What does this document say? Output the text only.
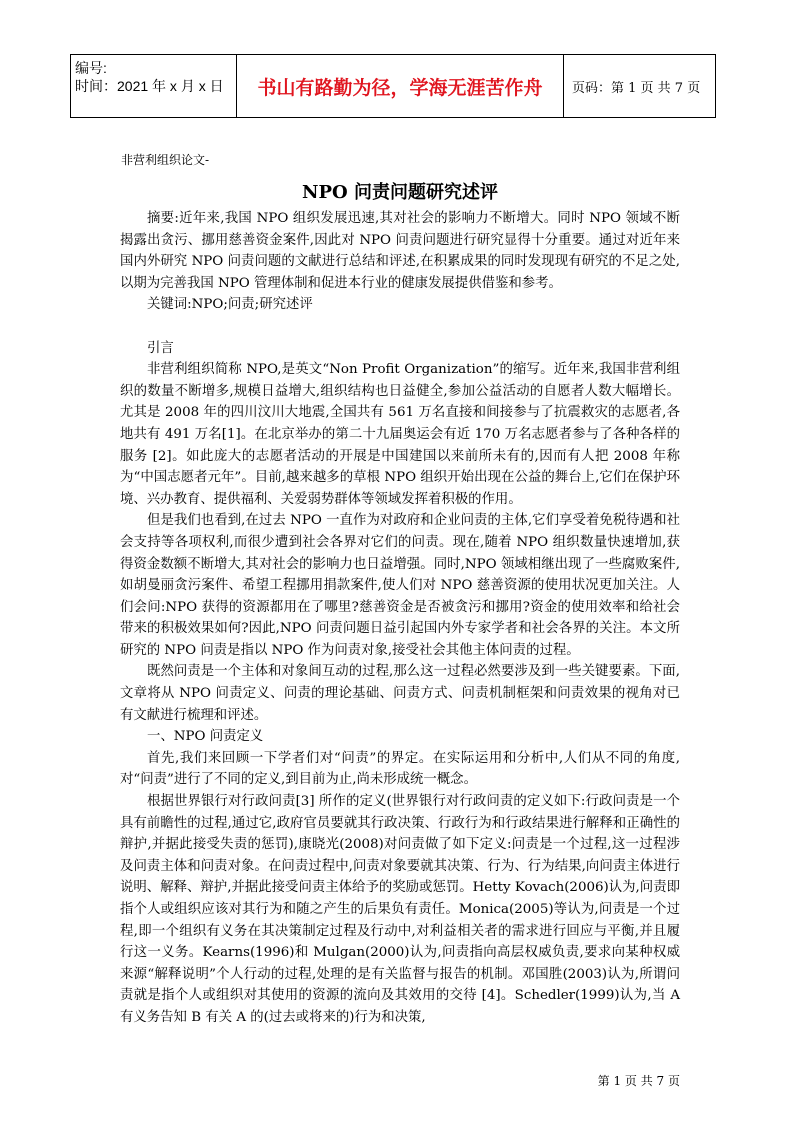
编号:
时间：2021 年 x 月 x 日	书山有路勤为径，学海无涯苦作舟	页码：第 1 页 共 7 页
非营利组织论文-
NPO 问责问题研究述评

摘要:近年来,我国 NPO 组织发展迅速,其对社会的影响力不断增大。同时 NPO 领域不断揭露出贪污、挪用慈善资金案件,因此对 NPO 问责问题进行研究显得十分重要。通过对近年来国内外研究 NPO 问责问题的文献进行总结和评述,在积累成果的同时发现现有研究的不足之处,以期为完善我国 NPO 管理体制和促进本行业的健康发展提供借鉴和参考。

关键词:NPO;问责;研究述评

引言

非营利组织简称 NPO,是英文“Non Profit Organization”的缩写。近年来,我国非营利组织的数量不断增多,规模日益增大,组织结构也日益健全,参加公益活动的自愿者人数大幅增长。尤其是 2008 年的四川汶川大地震,全国共有 561 万名直接和间接参与了抗震救灾的志愿者,各地共有 491 万名[1]。在北京举办的第二十九届奥运会有近 170 万名志愿者参与了各种各样的服务 [2]。如此庞大的志愿者活动的开展是中国建国以来前所未有的,因而有人把 2008 年称为“中国志愿者元年”。目前,越来越多的草根 NPO 组织开始出现在公益的舞台上,它们在保护环境、兴办教育、提供福利、关爱弱势群体等领域发挥着积极的作用。

但是我们也看到,在过去 NPO 一直作为对政府和企业问责的主体,它们享受着免税待遇和社会支持等各项权利,而很少遭到社会各界对它们的问责。现在,随着 NPO 组织数量快速增加,获得资金数额不断增大,其对社会的影响力也日益增强。同时,NPO 领域相继出现了一些腐败案件,如胡曼丽贪污案件、希望工程挪用捐款案件,使人们对 NPO 慈善资源的使用状况更加关注。人们会问:NPO 获得的资源都用在了哪里?慈善资金是否被贪污和挪用?资金的使用效率和给社会带来的积极效果如何?因此,NPO 问责问题日益引起国内外专家学者和社会各界的关注。本文所研究的 NPO 问责是指以 NPO 作为问责对象,接受社会其他主体问责的过程。

既然问责是一个主体和对象间互动的过程,那么这一过程必然要涉及到一些关键要素。下面,文章将从 NPO 问责定义、问责的理论基础、问责方式、问责机制框架和问责效果的视角对已有文献进行梳理和评述。

一、NPO 问责定义

首先,我们来回顾一下学者们对“问责”的界定。在实际运用和分析中,人们从不同的角度,对“问责”进行了不同的定义,到目前为止,尚未形成统一概念。

根据世界银行对行政问责[3] 所作的定义(世界银行对行政问责的定义如下:行政问责是一个具有前瞻性的过程,通过它,政府官员要就其行政决策、行政行为和行政结果进行解释和正确性的辩护,并据此接受失责的惩罚),康晓光(2008)对问责做了如下定义:问责是一个过程,这一过程涉及问责主体和问责对象。在问责过程中,问责对象要就其决策、行为、行为结果,向问责主体进行说明、解释、辩护,并据此接受问责主体给予的奖励或惩罚。Hetty Kovach(2006)认为,问责即指个人或组织应该对其行为和随之产生的后果负有责任。Monica(2005)等认为,问责是一个过程,即一个组织有义务在其决策制定过程及行动中,对利益相关者的需求进行回应与平衡,并且履行这一义务。Kearns(1996)和 Mulgan(2000)认为,问责指向高层权威负责,要求向某种权威来源“解释说明”个人行动的过程,处理的是有关监督与报告的机制。邓国胜(2003)认为,所谓问责就是指个人或组织对其使用的资源的流向及其效用的交待 [4]。Schedler(1999)认为,当 A 有义务告知 B 有关 A 的(过去或将来的)行为和决策,

第 1 页 共 7 页
